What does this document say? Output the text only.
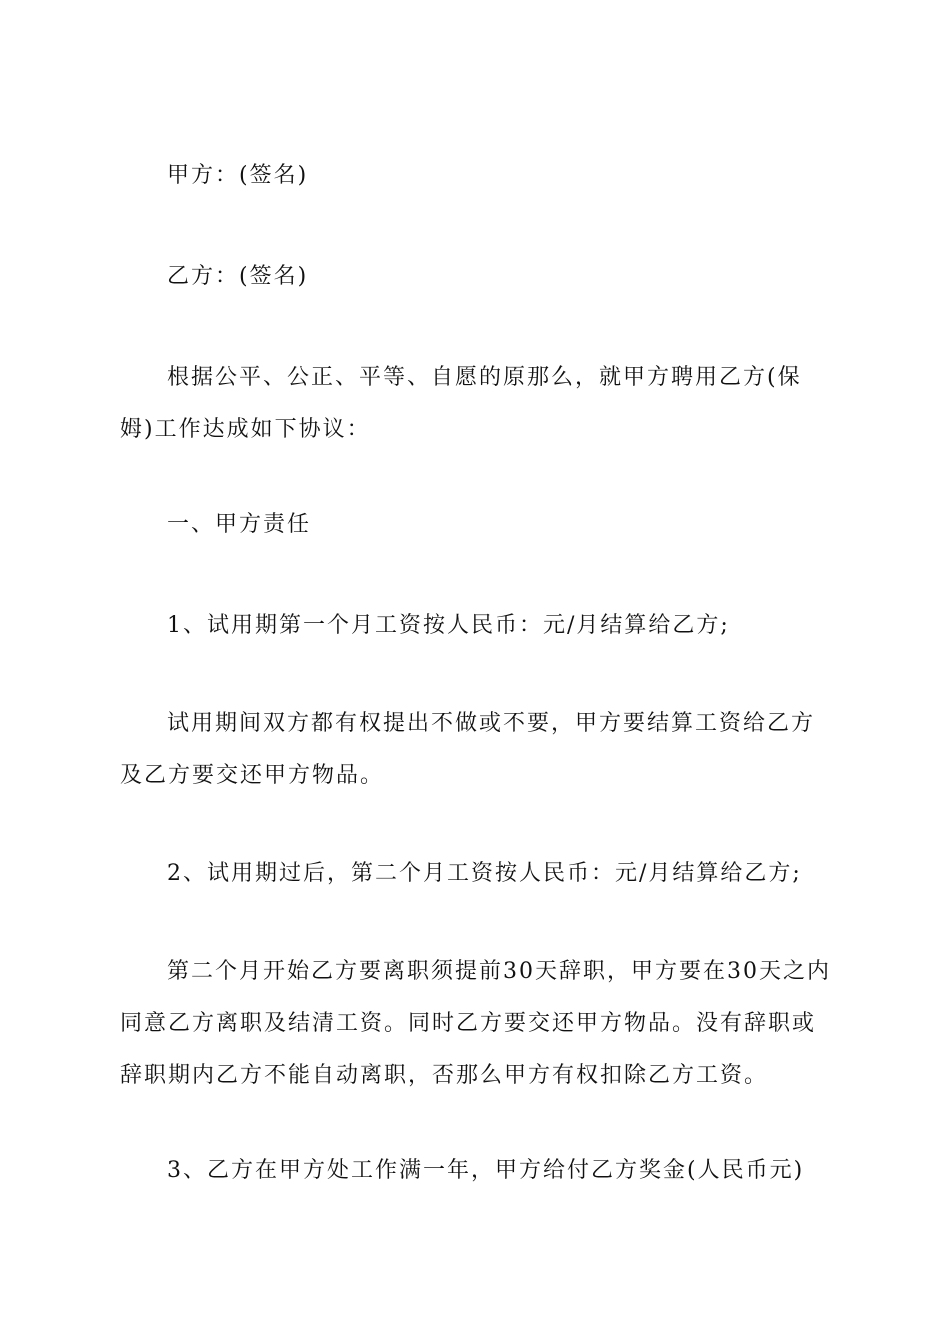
甲方：(签名)
乙方：(签名)
根据公平、公正、平等、自愿的原那么，就甲方聘用乙方(保姆)工作达成如下协议：
一、甲方责任
1、试用期第一个月工资按人民币：元/月结算给乙方;
试用期间双方都有权提出不做或不要，甲方要结算工资给乙方及乙方要交还甲方物品。
2、试用期过后，第二个月工资按人民币：元/月结算给乙方;
第二个月开始乙方要离职须提前30天辞职，甲方要在30天之内同意乙方离职及结清工资。同时乙方要交还甲方物品。没有辞职或辞职期内乙方不能自动离职，否那么甲方有权扣除乙方工资。
3、乙方在甲方处工作满一年，甲方给付乙方奖金(人民币元)
